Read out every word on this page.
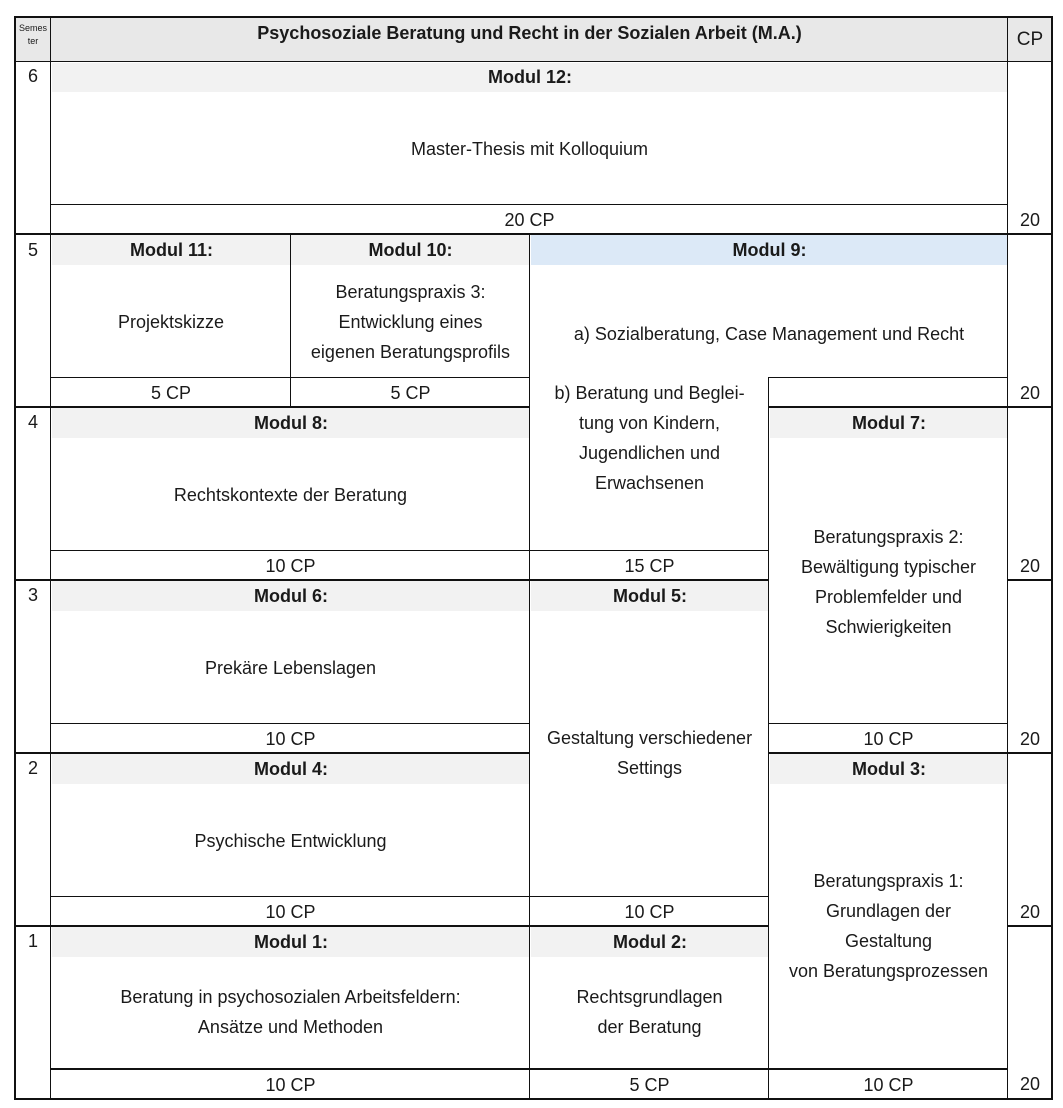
Semes
ter	Psychosoziale Beratung und Recht in der Sozialen Arbeit (M.A.)	CP
6
5
4
3
2
1
20
20
20
20
20
20
Modul 12:
Master-Thesis mit Kolloquium
20 CP
Modul 11:
Projektskizze
5 CP
Modul 10:
Beratungspraxis 3:
Entwicklung eines
eigenen Beratungsprofils
5 CP
Modul 9:
a) Sozialberatung, Case Management und Recht
b) Beratung und Beglei-
tung von Kindern,
Jugendlichen und
Erwachsenen
15 CP
Modul 8:
Rechtskontexte der Beratung
10 CP
Modul 7:
Beratungspraxis 2:
Bewältigung typischer
Problemfelder und
Schwierigkeiten
10 CP
Modul 6:
Prekäre Lebenslagen
10 CP
Modul 5:
Gestaltung verschiedener
Settings
10 CP
Modul 4:
Psychische Entwicklung
10 CP
Modul 3:
Beratungspraxis 1:
Grundlagen der
Gestaltung
von Beratungsprozessen
10 CP
Modul 2:
Rechtsgrundlagen
der Beratung
5 CP
Modul 1:
Beratung in psychosozialen Arbeitsfeldern:
Ansätze und Methoden
10 CP
